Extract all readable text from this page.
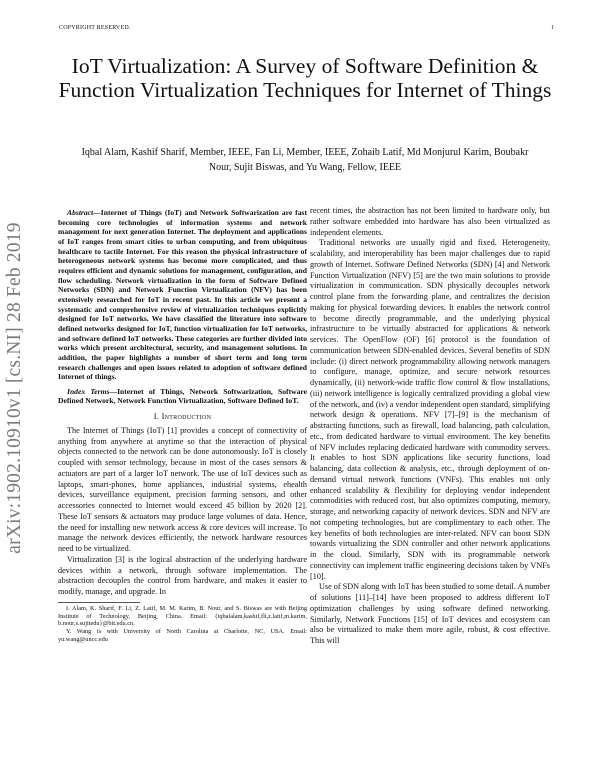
COPYRIGHT RESERVED.	1
IoT Virtualization: A Survey of Software Definition & Function Virtualization Techniques for Internet of Things
Iqbal Alam, Kashif Sharif, Member, IEEE, Fan Li, Member, IEEE, Zohaib Latif, Md Monjurul Karim, Boubakr Nour, Sujit Biswas, and Yu Wang, Fellow, IEEE
arXiv:1902.10910v1 [cs.NI] 28 Feb 2019

Abstract—Internet of Things (IoT) and Network Softwarization are fast becoming core technologies of information systems and network management for next generation Internet. The deployment and applications of IoT ranges from smart cities to urban computing, and from ubiquitous healthcare to tactile Internet. For this reason the physical infrastructure of heterogeneous network systems has become more complicated, and thus requires efficient and dynamic solutions for management, configuration, and flow scheduling. Network virtualization in the form of Software Defined Networks (SDN) and Network Function Virtualization (NFV) has been extensively researched for IoT in recent past. In this article we present a systematic and comprehensive review of virtualization techniques explicitly designed for IoT networks. We have classified the literature into software defined networks designed for IoT, function virtualization for IoT networks, and software defined IoT networks. These categories are further divided into works which present architectural, security, and management solutions. In addition, the paper highlights a number of short term and long term research challenges and open issues related to adoption of software defined Internet of things.

Index Terms—Internet of Things, Network Softwarization, Software Defined Network, Network Function Virtualization, Software Defined IoT.

I. Introduction

The Internet of Things (IoT) [1] provides a concept of connectivity of anything from anywhere at anytime so that the interaction of physical objects connected to the network can be done autonomously. IoT is closely coupled with sensor technology, because in most of the cases sensors & actuators are part of a larger IoT network. The use of IoT devices such as laptops, smart-phones, home appliances, industrial systems, ehealth devices, surveillance equipment, precision farming sensors, and other accessories connected to Internet would exceed 45 billion by 2020 [2]. These IoT sensors & actuators may produce large volumes of data. Hence, the need for installing new network access & core devices will increase. To manage the network devices efficiently, the network hardware resources need to be virtualized.

Virtualization [3] is the logical abstraction of the underlying hardware devices within a network, through software implementation. The abstraction decouples the control from hardware, and makes it easier to modify, manage, and upgrade. In

I. Alam, K. Sharif, F. Li, Z. Latif, M. M. Karim, B. Nour, and S. Biswas are with Beijing Institute of Technology, Beijing, China. Email: {iqbalalam,kashif,fli,z.latif,m.karim, b.nour,s.sujitedu}@bit.edu.cn.

Y. Wang is with University of North Carolina at Charlotte, NC, USA. Email: yu.wang@uncc.edu

recent times, the abstraction has not been limited to hardware only, but rather software embedded into hardware has also been virtualized as independent elements.

Traditional networks are usually rigid and fixed. Heterogeneity, scalability, and interoperability has been major challenges due to rapid growth of Internet. Software Defined Networks (SDN) [4] and Network Function Virtualization (NFV) [5] are the two main solutions to provide virtualization in communication. SDN physically decouples network control plane from the forwarding plane, and centralizes the decision making for physical forwarding devices. It enables the network control to become directly programmable, and the underlying physical infrastructure to be virtually abstracted for applications & network services. The OpenFlow (OF) [6] protocol is the foundation of communication between SDN-enabled devices. Several benefits of SDN include: (i) direct network programmability allowing network managers to configure, manage, optimize, and secure network resources dynamically, (ii) network-wide traffic flow control & flow installations, (iii) network intelligence is logically centralized providing a global view of the network, and (iv) a vendor independent open standard, simplifying network design & operations. NFV [7]–[9] is the mechanism of abstracting functions, such as firewall, load balancing, path calculation, etc., from dedicated hardware to virtual environment. The key benefits of NFV includes replacing dedicated hardware with commodity servers. It enables to host SDN applications like security functions, load balancing, data collection & analysis, etc., through deployment of on-demand virtual network functions (VNFs). This enables not only enhanced scalability & flexibility for deploying vendor independent commodities with reduced cost, but also optimizes computing, memory, storage, and networking capacity of network devices. SDN and NFV are not competing technologies, but are complimentary to each other. The key benefits of both technologies are inter-related. NFV can boost SDN towards virtualizing the SDN controller and other network applications in the cloud. Similarly, SDN with its programmable network connectivity can implement traffic engineering decisions taken by VNFs [10].

Use of SDN along with IoT has been studied to some detail. A number of solutions [11]–[14] have been proposed to address different IoT optimization challenges by using software defined networking. Similarly, Network Functions [15] of IoT devices and ecosystem can also be virtualized to make them more agile, robust, & cost effective. This will
